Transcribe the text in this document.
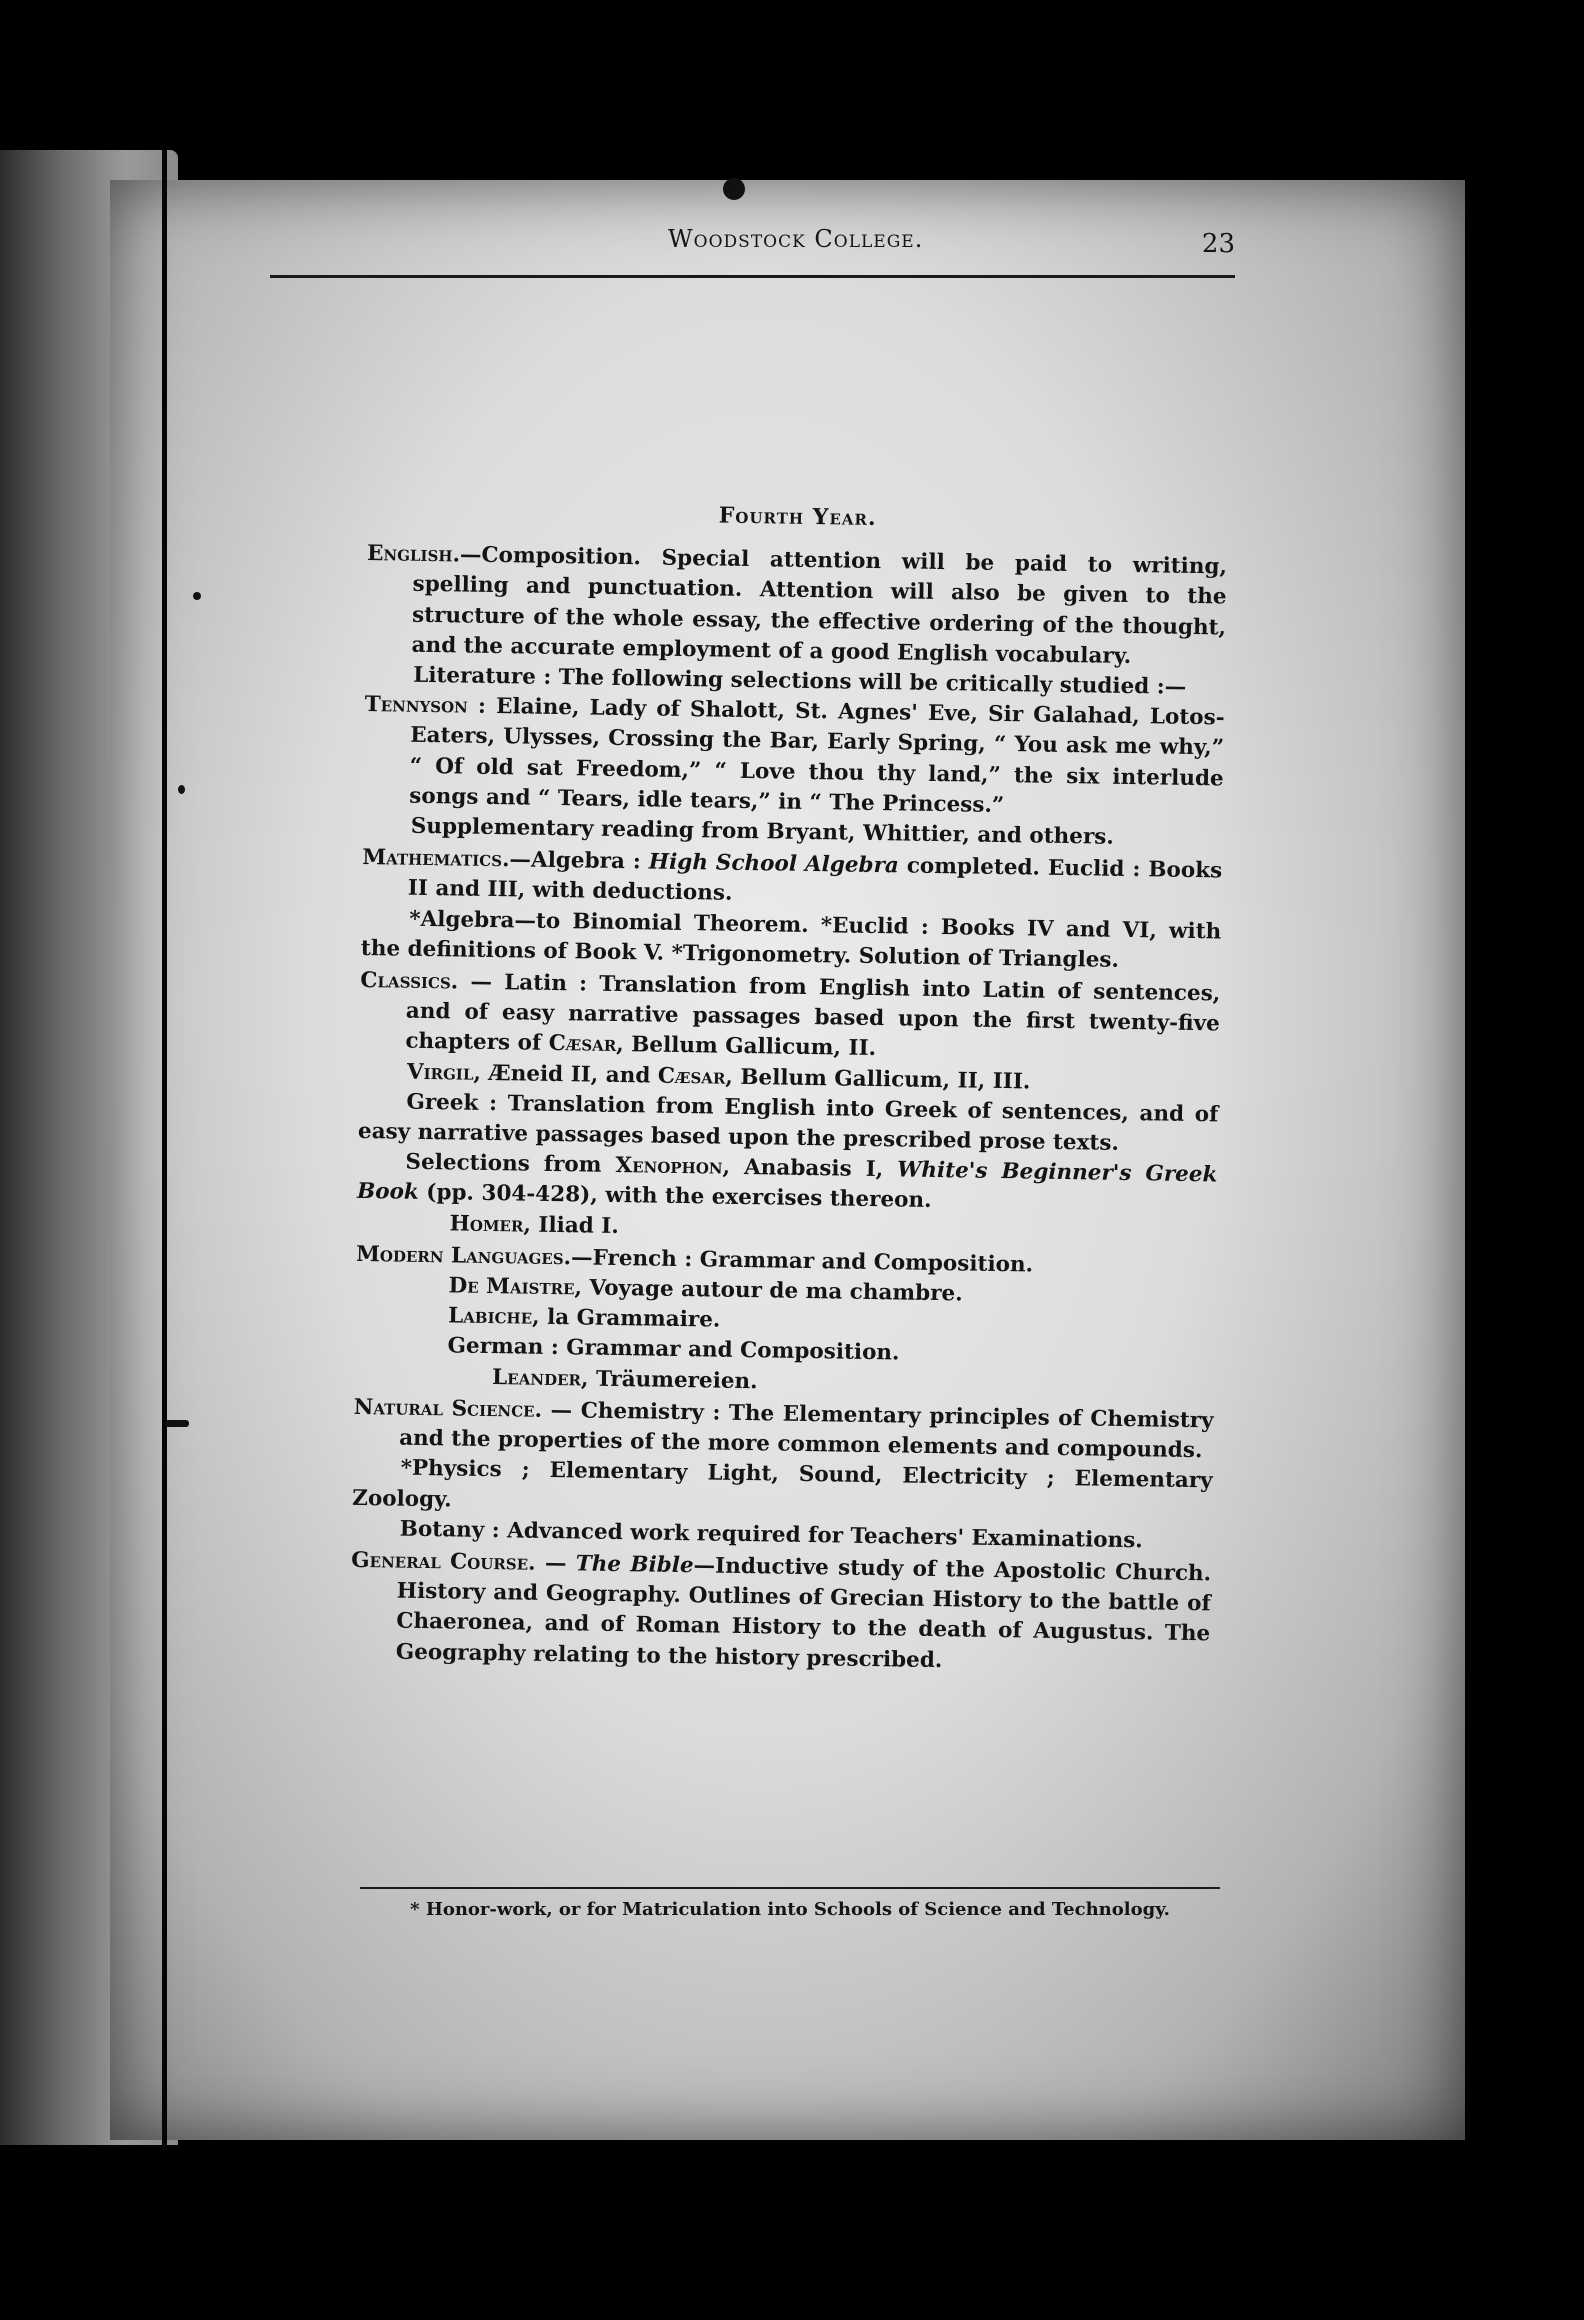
Woodstock College.	23
Fourth Year.

English.—Composition. Special attention will be paid to writing, spelling and punctuation. Attention will also be given to the structure of the whole essay, the effective ordering of the thought, and the accurate employment of a good English vocabulary.

Literature : The following selections will be critically studied :—

Tennyson : Elaine, Lady of Shalott, St. Agnes' Eve, Sir Galahad, Lotos-Eaters, Ulysses, Crossing the Bar, Early Spring, “ You ask me why,” “ Of old sat Freedom,” “ Love thou thy land,” the six interlude songs and “ Tears, idle tears,” in “ The Princess.”

Supplementary reading from Bryant, Whittier, and others.

Mathematics.—Algebra : High School Algebra completed. Euclid : Books II and III, with deductions.

*Algebra—to Binomial Theorem. *Euclid : Books IV and VI, with the definitions of Book V. *Trigonometry. Solution of Triangles.

Classics. — Latin : Translation from English into Latin of sentences, and of easy narrative passages based upon the first twenty-five chapters of Cæsar, Bellum Gallicum, II.

Virgil, Æneid II, and Cæsar, Bellum Gallicum, II, III.

Greek : Translation from English into Greek of sentences, and of easy narrative passages based upon the prescribed prose texts.

Selections from Xenophon, Anabasis I, White's Beginner's Greek Book (pp. 304-428), with the exercises thereon.

Homer, Iliad I.

Modern Languages.—French : Grammar and Composition.

De Maistre, Voyage autour de ma chambre.

Labiche, la Grammaire.

German : Grammar and Composition.

Leander, Träumereien.

Natural Science. — Chemistry : The Elementary principles of Chemistry and the properties of the more common elements and compounds.

*Physics ; Elementary Light, Sound, Electricity ; Elementary Zoology.

Botany : Advanced work required for Teachers' Examinations.

General Course. — The Bible—Inductive study of the Apostolic Church. History and Geography. Outlines of Grecian History to the battle of Chaeronea, and of Roman History to the death of Augustus. The Geography relating to the history prescribed.

* Honor-work, or for Matriculation into Schools of Science and Technology.
